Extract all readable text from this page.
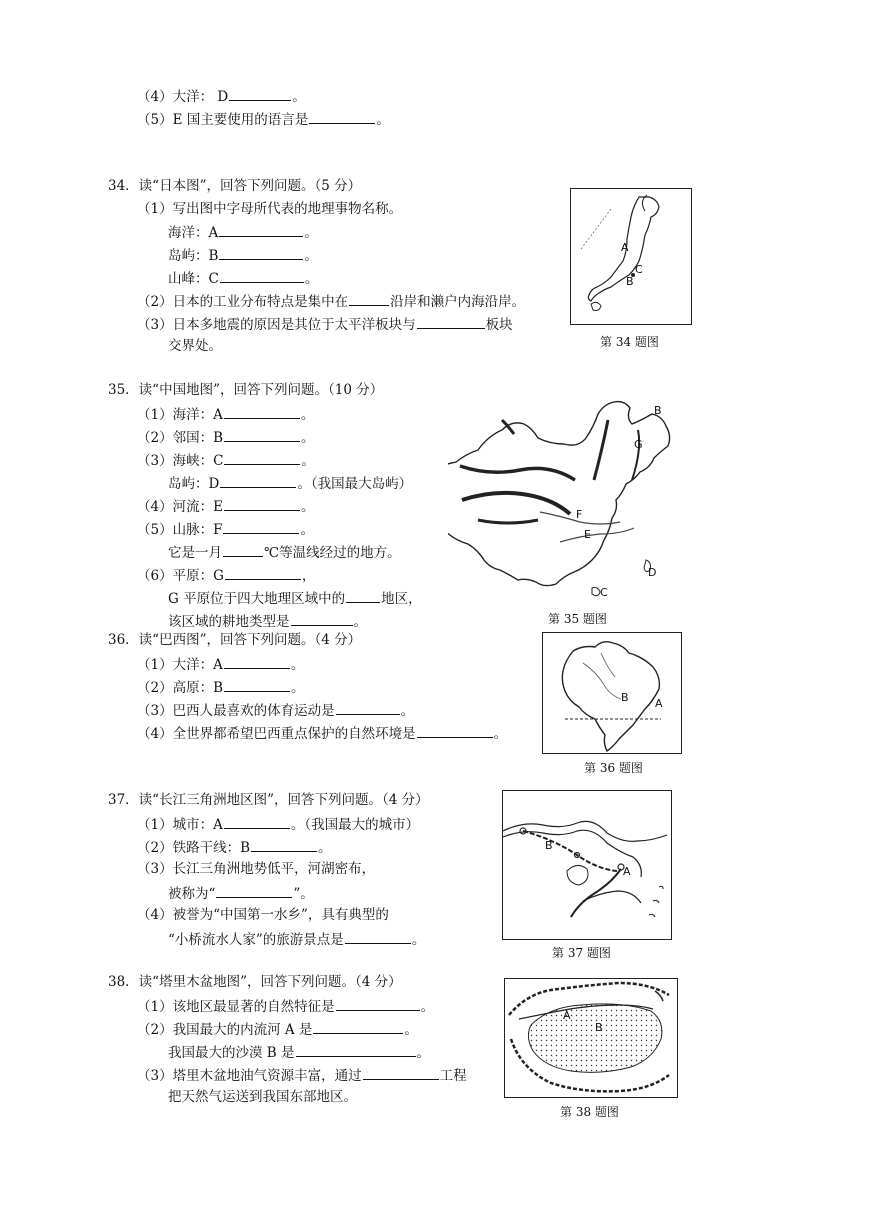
（4）大洋： D	。
（5）E 国主要使用的语言是	。
34．读“日本图”，回答下列问题。（5 分）
（1）写出图中字母所代表的地理事物名称。
海洋：A	。
岛屿：B	。
山峰：C	。
（2）日本的工业分布特点是集中在	沿岸和濑户内海沿岸。
（3）日本多地震的原因是其位于太平洋板块与	板块
交界处。
A
C
B
第 34 题图
35．读“中国地图”，回答下列问题。（10 分）
（1）海洋：A	。
（2）邻国：B	。
（3）海峡：C	。
岛屿：D	。（我国最大岛屿）
（4）河流：E	。
（5）山脉：F	。
它是一月	℃等温线经过的地方。
（6）平原：G	，
G 平原位于四大地理区域中的	地区，
该区域的耕地类型是	。
B
G
F
E
D
C
第 35 题图
36．读“巴西图”，回答下列问题。（4 分）
（1）大洋：A	。
（2）高原：B	。
（3）巴西人最喜欢的体育运动是	。
（4）全世界都希望巴西重点保护的自然环境是	。
B A
第 36 题图
37．读“长江三角洲地区图”，回答下列问题。（4 分）
（1）城市：A	。（我国最大的城市）
（2）铁路干线：B	。
（3）长江三角洲地势低平，河湖密布，
被称为“	”。
（4）被誉为“中国第一水乡”，具有典型的
“小桥流水人家”的旅游景点是	。
B
A
第 37 题图
38．读“塔里木盆地图”，回答下列问题。（4 分）
（1）该地区最显著的自然特征是	。
（2）我国最大的内流河 A 是	。
我国最大的沙漠 B 是	。
（3）塔里木盆地油气资源丰富，通过	工程
把天然气运送到我国东部地区。
A
B
第 38 题图
